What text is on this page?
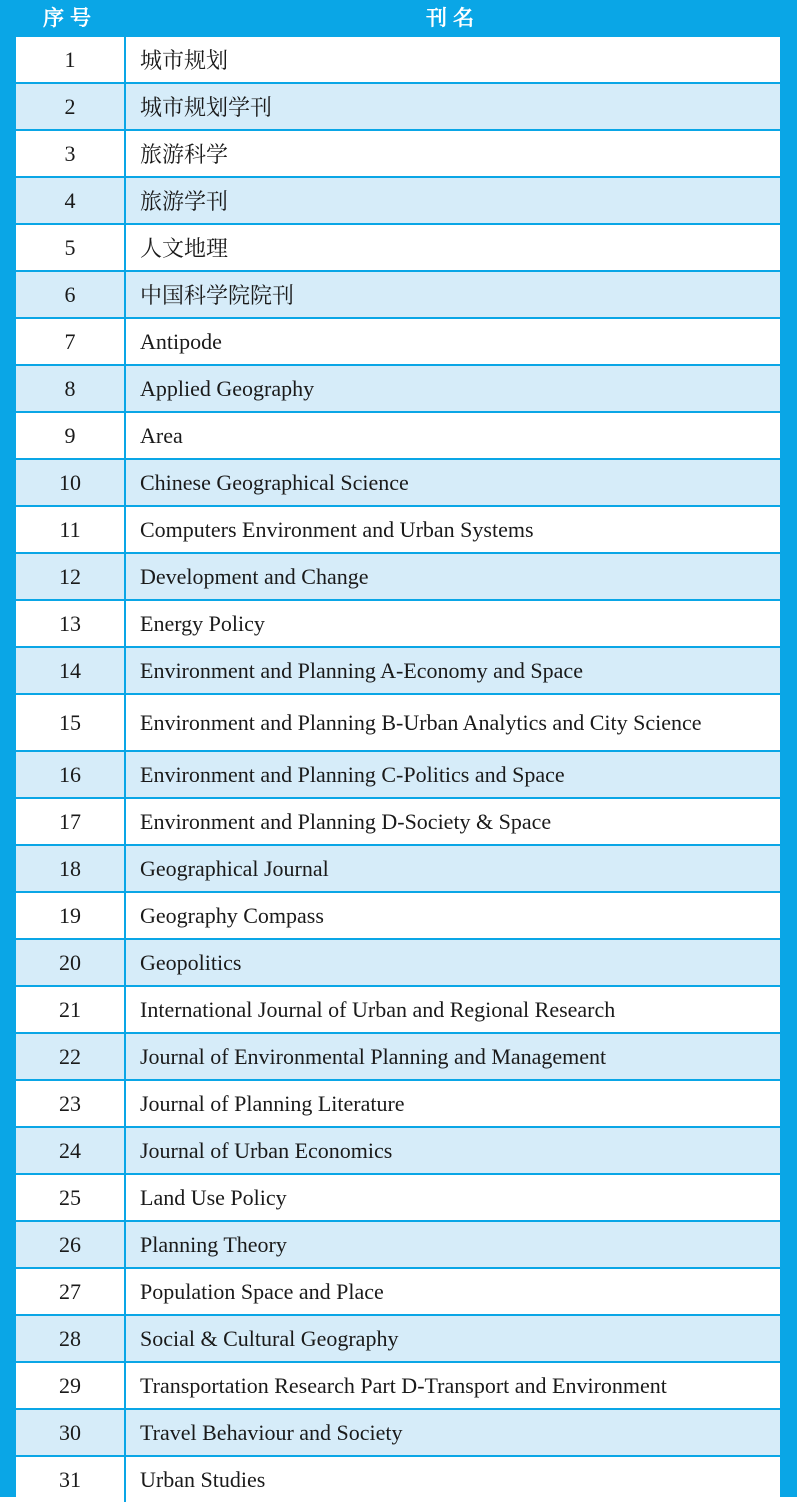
序号	刊名
1	城市规划
2	城市规划学刊
3	旅游科学
4	旅游学刊
5	人文地理
6	中国科学院院刊
7	Antipode
8	Applied Geography
9	Area
10	Chinese Geographical Science
11	Computers Environment and Urban Systems
12	Development and Change
13	Energy Policy
14	Environment and Planning A-Economy and Space
15	Environment and Planning B-Urban Analytics and City Science
16	Environment and Planning C-Politics and Space
17	Environment and Planning D-Society & Space
18	Geographical Journal
19	Geography Compass
20	Geopolitics
21	International Journal of Urban and Regional Research
22	Journal of Environmental Planning and Management
23	Journal of Planning Literature
24	Journal of Urban Economics
25	Land Use Policy
26	Planning Theory
27	Population Space and Place
28	Social & Cultural Geography
29	Transportation Research Part D-Transport and Environment
30	Travel Behaviour and Society
31	Urban Studies
